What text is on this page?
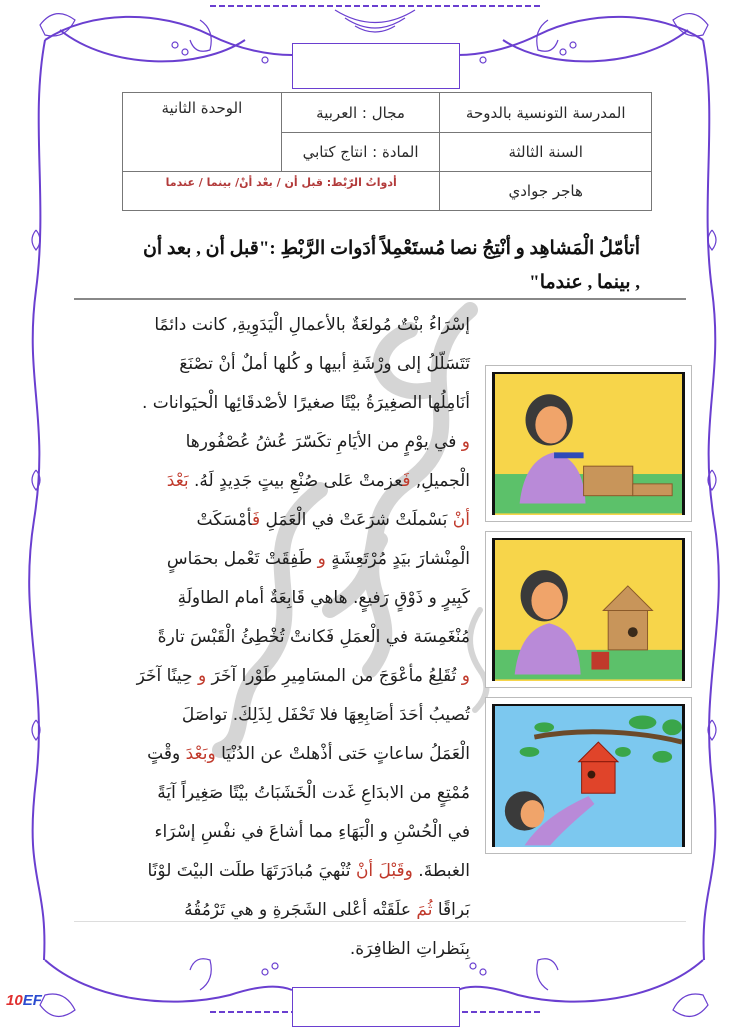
المدرسة التونسية بالدوحة	مجال : العربية	الوحدة الثانية
السنة الثالثة	المادة : انتاج كتابي	
هاجر جوادي	أدواتُ الرّبْط: قبل أن / بعْد أنْ/ بينما / عندما	
أتأمّلُ الْمَشاهِد و أنْتِجُ نصا مُستَعْمِلاً أدَوات الرَّبْطِ :"قبل أن , بعد أن , بينما , عندما"
إسْرَاءُ بنْتٌ مُولعَةٌ بالأعمالِ الْيَدَوِيةِ, كانت دائمًا
تَتَسَلّلُ إلى ورْشَةِ أبيها و كُلها أملٌ أنْ تصْنَعَ
أنَامِلُها الصغِيرَةُ بيْتًا صغيرًا لأصْدقَائِها الْحيَوانات .
و في يوْمٍ من الأيَامِ تكَسّرَ عُشُ عُصْفُورها
الْجميلِ, فَعزمتْ عَلى صُنْعِ بيتٍ جَدِيدٍ لَهُ. بَعْدَ
أنْ بَسْملَتْ شرَعَتْ في الْعَمَلِ فَأمْسَكَتْ
الْمِنْشارَ بيَدٍ مُرْتَعِشَةٍ و طَفِقَتْ تَعْمل بحمَاسٍ
كَبِيرٍ و ذَوْقٍ رَفيعٍ. هاهي قَابِعَةٌ أمام الطاولَةِ
مُنْغَمِسَة في الْعمَلِ فَكانتْ تُخْطِئُ الْقَبْسَ تارةً
و تُقَلِعُ مأعْوَجَ من المسَامِيرِ طَوْرا آخَرَ و حِينًا آخَرَ
تُصيبُ أحَدَ أصَابِعِهَا فلا تَحْفَل لِذَلِكَ. تواصَلَ
الْعَمَلُ ساعاتٍ حَتى أذْهلتْ عن الدُنْيَا وبَعْدَ وقْتٍ
مُمْتِعٍ من الابدَاعِ غَدت الْخَشَبَاتُ بيْتًا صَغِيراً آيَةً
في الْحُسْنِ و الْبَهَاءِ مما أشاعَ في نفْسِ إسْرَاء
الغبطةَ. وقَبْلَ أنْ تُنْهيَ مُبادَرَتَهَا طلَت البيْتَ لوْنًا
بَراقًا ثُمَ علَقَتْه أعْلى الشَجَرةِ و هي تَرْمُقُهُ
بِنَظراتِ الظافِرَة.
10EF
